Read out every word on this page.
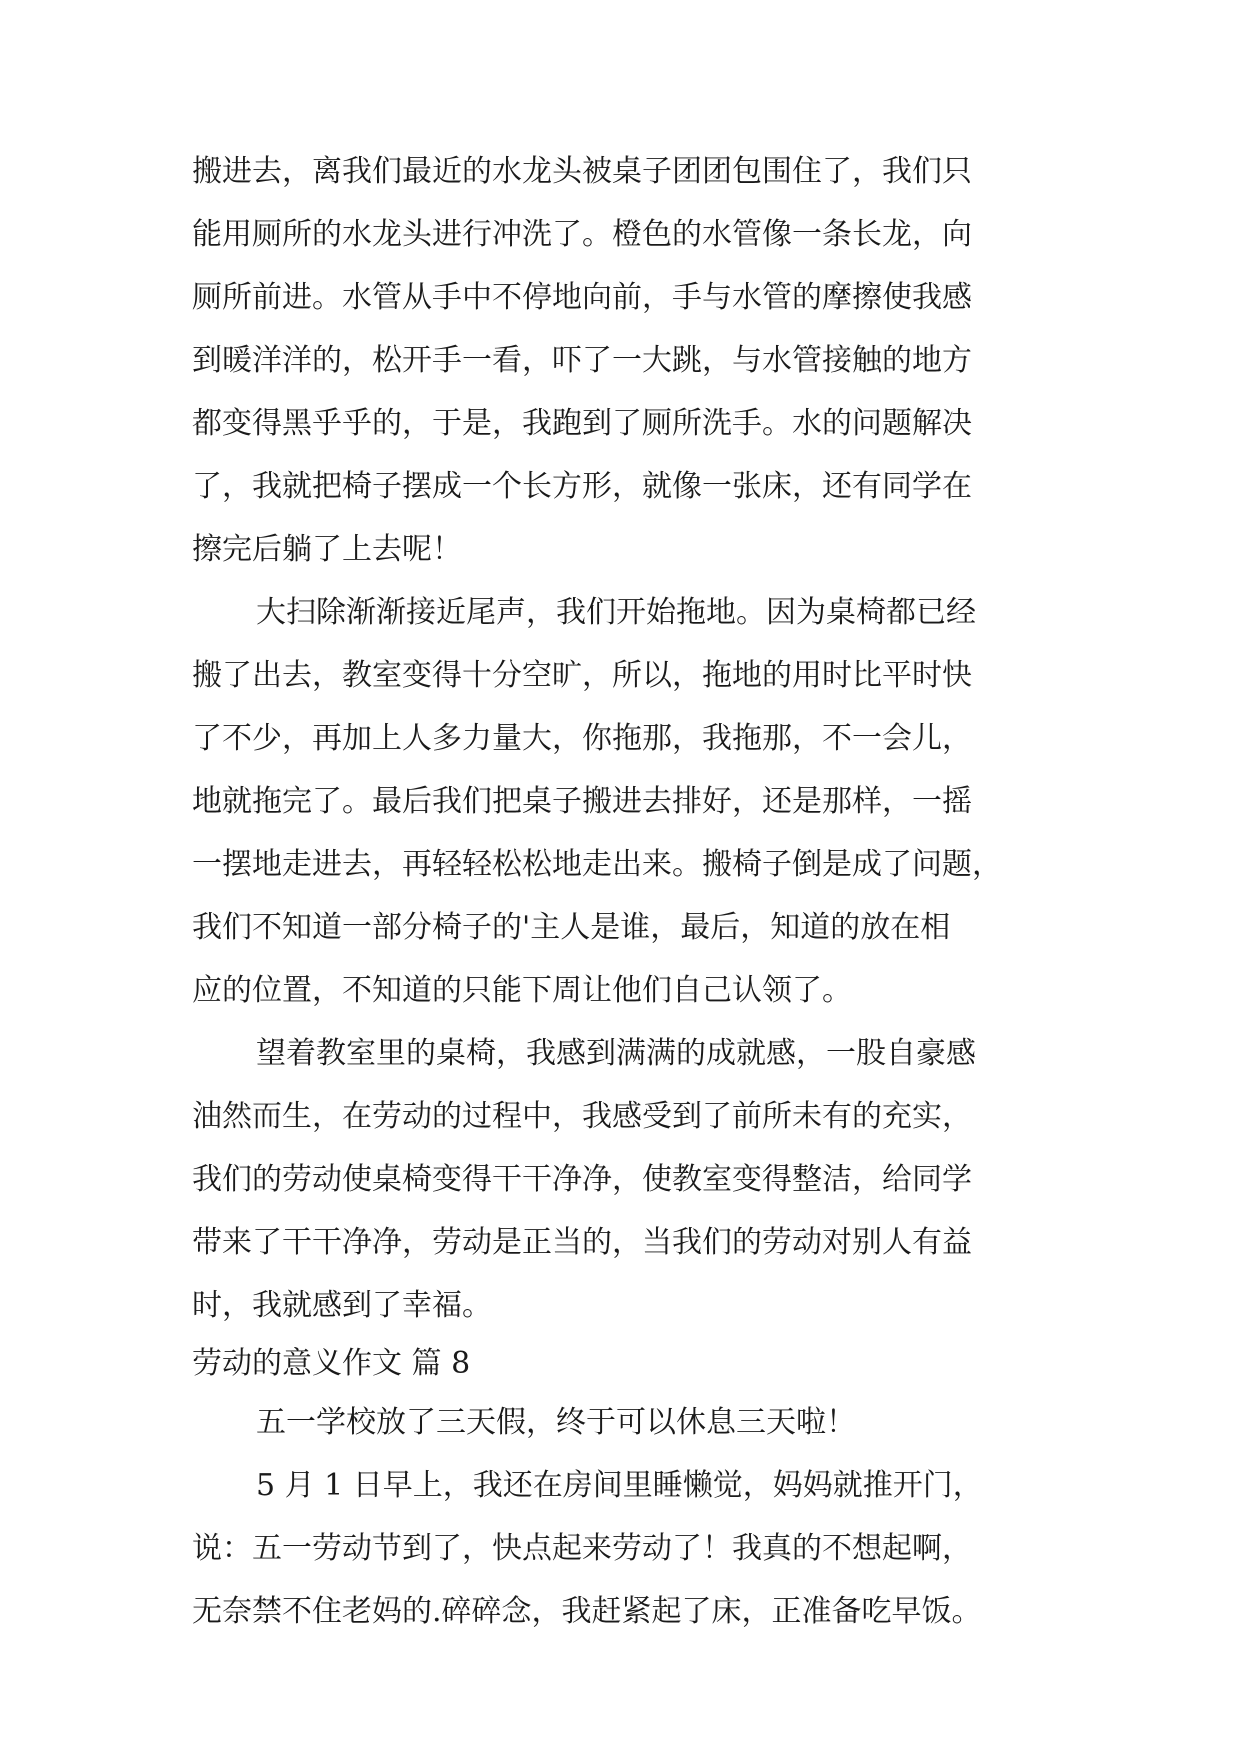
搬进去，离我们最近的水龙头被桌子团团包围住了，我们只
能用厕所的水龙头进行冲洗了。橙色的水管像一条长龙，向
厕所前进。水管从手中不停地向前，手与水管的摩擦使我感
到暖洋洋的，松开手一看，吓了一大跳，与水管接触的地方
都变得黑乎乎的，于是，我跑到了厕所洗手。水的问题解决
了，我就把椅子摆成一个长方形，就像一张床，还有同学在
擦完后躺了上去呢！
大扫除渐渐接近尾声，我们开始拖地。因为桌椅都已经
搬了出去，教室变得十分空旷，所以，拖地的用时比平时快
了不少，再加上人多力量大，你拖那，我拖那，不一会儿，
地就拖完了。最后我们把桌子搬进去排好，还是那样，一摇
一摆地走进去，再轻轻松松地走出来。搬椅子倒是成了问题，
我们不知道一部分椅子的'主人是谁，最后，知道的放在相
应的位置，不知道的只能下周让他们自己认领了。
望着教室里的桌椅，我感到满满的成就感，一股自豪感
油然而生，在劳动的过程中，我感受到了前所未有的充实，
我们的劳动使桌椅变得干干净净，使教室变得整洁，给同学
带来了干干净净，劳动是正当的，当我们的劳动对别人有益
时，我就感到了幸福。
劳动的意义作文 篇 8
五一学校放了三天假，终于可以休息三天啦！
5 月 1 日早上，我还在房间里睡懒觉，妈妈就推开门，
说：五一劳动节到了，快点起来劳动了！我真的不想起啊，
无奈禁不住老妈的.碎碎念，我赶紧起了床，正准备吃早饭。
